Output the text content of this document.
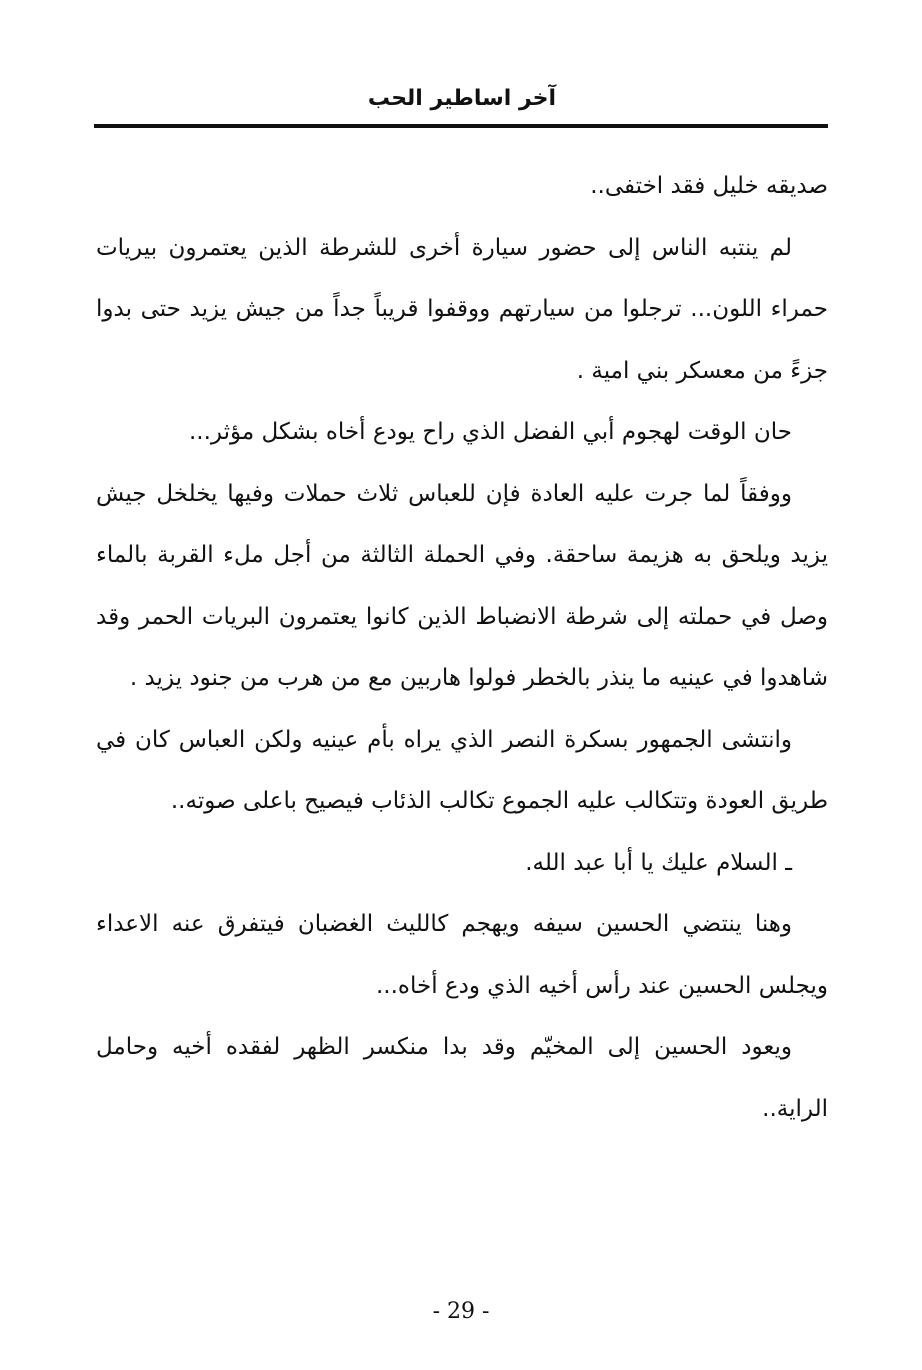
آخر اساطير الحب

صديقه خليل فقد اختفى..

لم ينتبه الناس إلى حضور سيارة أخرى للشرطة الذين يعتمرون بيريات حمراء اللون... ترجلوا من سيارتهم ووقفوا قريباً جداً من جيش يزيد حتى بدوا جزءً من معسكر بني امية .

حان الوقت لهجوم أبي الفضل الذي راح يودع أخاه بشكل مؤثر...

ووفقاً لما جرت عليه العادة فإن للعباس ثلاث حملات وفيها يخلخل جيش يزيد ويلحق به هزيمة ساحقة. وفي الحملة الثالثة من أجل ملء القربة بالماء وصل في حملته إلى شرطة الانضباط الذين كانوا يعتمرون البريات الحمر وقد شاهدوا في عينيه ما ينذر بالخطر فولوا هاربين مع من هرب من جنود يزيد .

وانتشى الجمهور بسكرة النصر الذي يراه بأم عينيه ولكن العباس كان في طريق العودة وتتكالب عليه الجموع تكالب الذئاب فيصيح باعلى صوته..

ـ السلام عليك يا أبا عبد الله.

وهنا ينتضي الحسين سيفه ويهجم كالليث الغضبان فيتفرق عنه الاعداء ويجلس الحسين عند رأس أخيه الذي ودع أخاه...

ويعود الحسين إلى المخيّم وقد بدا منكسر الظهر لفقده أخيه وحامل الراية..

- 29 -
